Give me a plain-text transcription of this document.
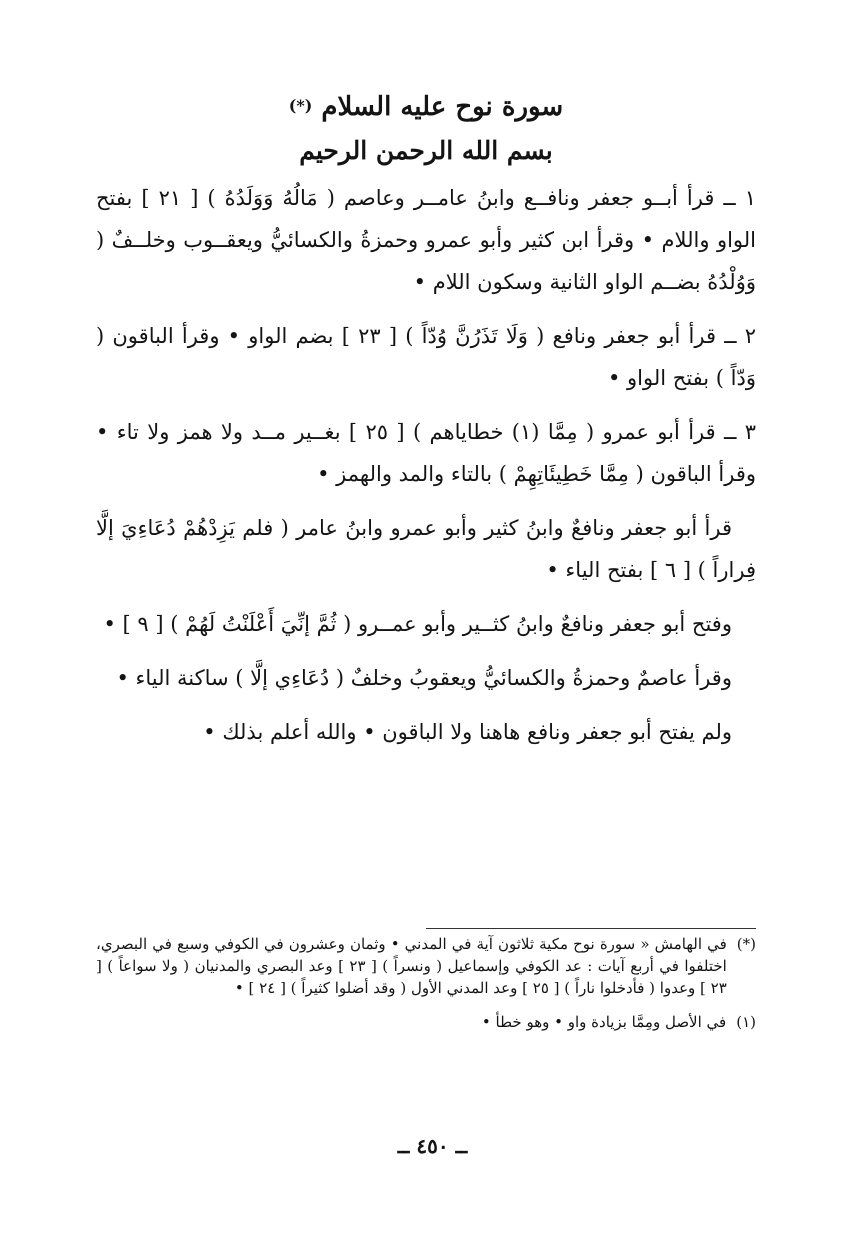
سورة نوح عليه السلام (*)
بسم الله الرحمن الرحيم

١ ــ قرأ أبــو جعفر ونافــع وابنُ عامــر وعاصم ( مَالُهُ وَوَلَدُهُ ) [ ٢١ ] بفتح الواو واللام • وقرأ ابن كثير وأبو عمرو وحمزةُ والكسائيُّ ويعقــوب وخلــفٌ ( وَوُلْدُهُ بضــم الواو الثانية وسكون اللام •

٢ ــ قرأ أبو جعفر ونافع ( وَلَا تَذَرُنَّ وُدّاً ) [ ٢٣ ] بضم الواو • وقرأ الباقون ( وَدّاً ) بفتح الواو •

٣ ــ قرأ أبو عمرو ( مِمَّا (١) خطاياهم ) [ ٢٥ ] بغــير مــد ولا همز ولا تاء • وقرأ الباقون ( مِمَّا خَطِيئَاتِهِمْ ) بالتاء والمد والهمز •

قرأ أبو جعفر ونافعٌ وابنُ كثير وأبو عمرو وابنُ عامر ( فلم يَزِدْهُمْ دُعَاءِيَ إلَّا فِراراً ) [ ٦ ] بفتح الياء •

وفتح أبو جعفر ونافعٌ وابنُ كثــير وأبو عمــرو ( ثُمَّ إنِّيَ أَعْلَنْتُ لَهُمْ ) [ ٩ ] •

وقرأ عاصمٌ وحمزةُ والكسائيُّ ويعقوبُ وخلفٌ ( دُعَاءِي إلَّا ) ساكنة الياء •

ولم يفتح أبو جعفر ونافع هاهنا ولا الباقون • والله أعلم بذلك •

(*)
في الهامش « سورة نوح مكية ثلاثون آية في المدني • وثمان وعشرون في الكوفي وسبع في البصري، اختلفوا في أربع آيات : عد الكوفي وإسماعيل ( ونسراً ) [ ٢٣ ] وعد البصري والمدنيان ( ولا سواعاً ) [ ٢٣ ] وعدوا ( فأدخلوا ناراً ) [ ٢٥ ] وعد المدني الأول ( وقد أضلوا كثيراً ) [ ٢٤ ] •
(١)
في الأصل ومِمَّا بزيادة واو • وهو خطأ •
ــ ٤٥٠ ــ
